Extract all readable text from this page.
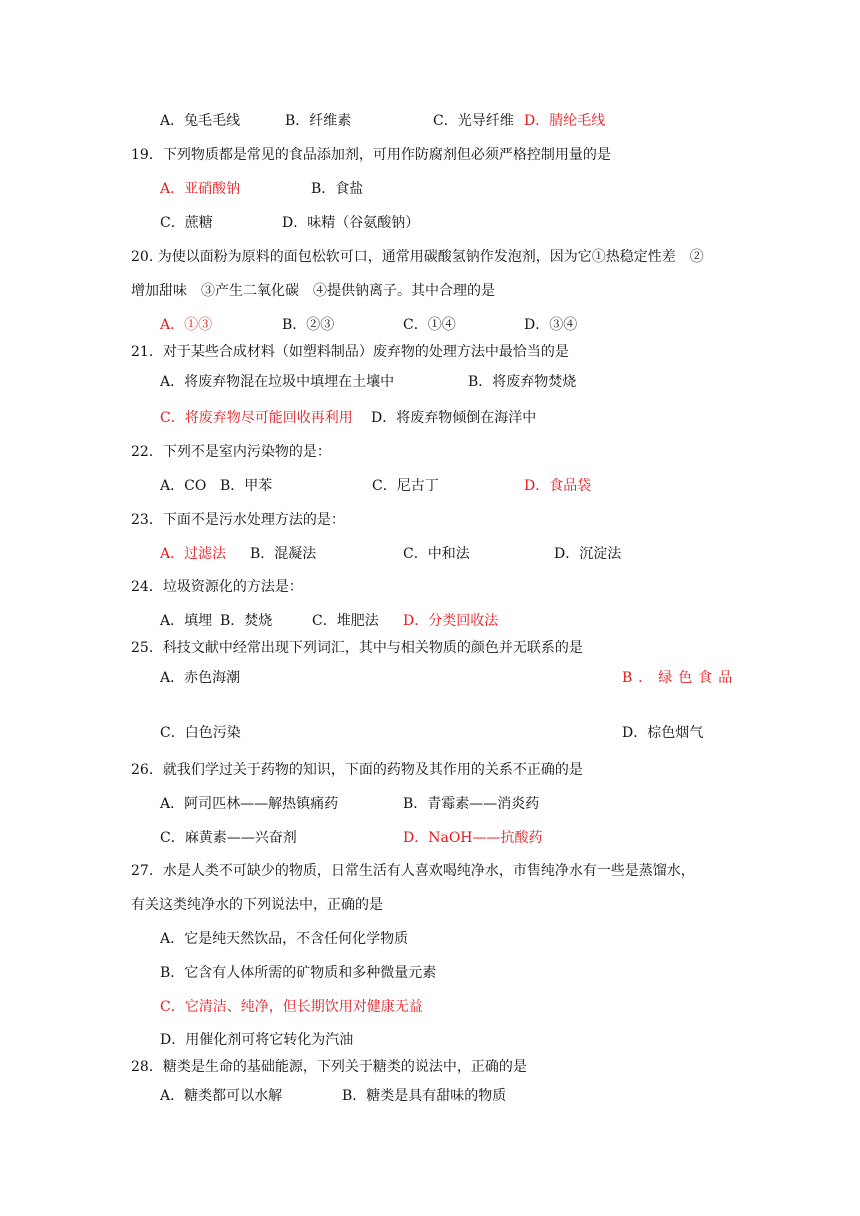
A．兔毛毛线	B．纤维素	C．光导纤维 D．腈纶毛线
19．下列物质都是常见的食品添加剂，可用作防腐剂但必须严格控制用量的是
A．亚硝酸钠	B．食盐
C．蔗糖	D．味精（谷氨酸钠）
20. 为使以面粉为原料的面包松软可口，通常用碳酸氢钠作发泡剂，因为它①热稳定性差　②
增加甜味　③产生二氧化碳　④提供钠离子。其中合理的是
A．①③	B．②③	C．①④	D．③④
21．对于某些合成材料（如塑料制品）废弃物的处理方法中最恰当的是
A．将废弃物混在垃圾中填埋在土壤中	B．将废弃物焚烧
C．将废弃物尽可能回收再利用 D．将废弃物倾倒在海洋中
22．下列不是室内污染物的是：
A．CO B．甲苯	C．尼古丁	D．食品袋
23．下面不是污水处理方法的是：
A．过滤法 B．混凝法	C．中和法	D．沉淀法
24．垃圾资源化的方法是：
A．填埋 B．焚烧	C．堆肥法 D．分类回收法
25．科技文献中经常出现下列词汇，其中与相关物质的颜色并无联系的是
A．赤色海潮	B．绿色食品
C．白色污染	D．棕色烟气
26．就我们学过关于药物的知识，下面的药物及其作用的关系不正确的是
A．阿司匹林——解热镇痛药	B．青霉素——消炎药
C．麻黄素——兴奋剂	D．NaOH——抗酸药
27．水是人类不可缺少的物质，日常生活有人喜欢喝纯净水，市售纯净水有一些是蒸馏水，
有关这类纯净水的下列说法中，正确的是
A．它是纯天然饮品，不含任何化学物质
B．它含有人体所需的矿物质和多种微量元素
C．它清洁、纯净，但长期饮用对健康无益
D．用催化剂可将它转化为汽油
28．糖类是生命的基础能源，下列关于糖类的说法中，正确的是
A．糖类都可以水解	B．糖类是具有甜味的物质
